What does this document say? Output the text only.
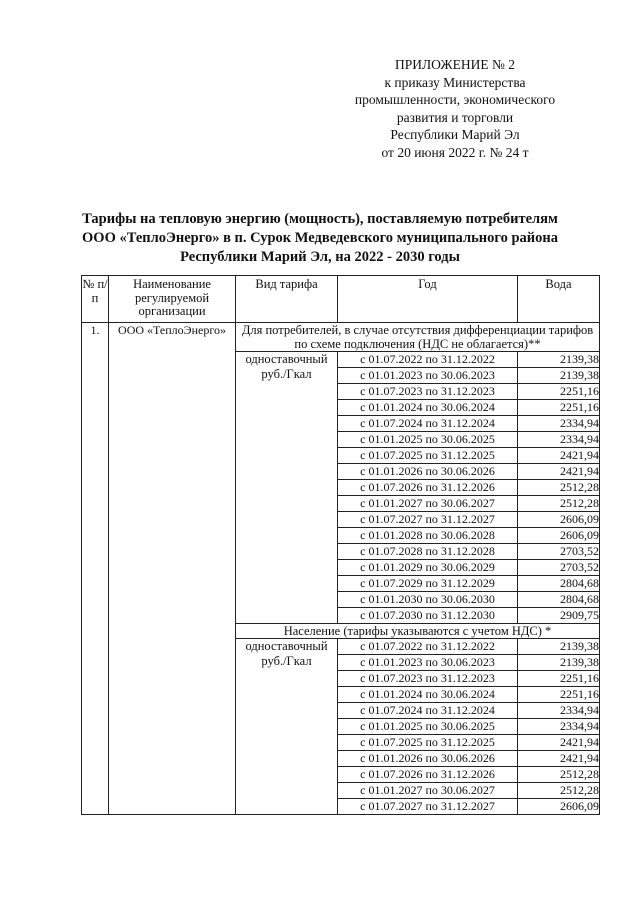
ПРИЛОЖЕНИЕ № 2
к приказу Министерства
промышленности, экономического
развития и торговли
Республики Марий Эл
от 20 июня 2022 г. № 24 т
Тарифы на тепловую энергию (мощность), поставляемую потребителям
ООО «ТеплоЭнерго» в п. Сурок Медведевского муниципального района
Республики Марий Эл, на 2022 - 2030 годы
№ п/п	Наименование регулируемой организации	Вид тарифа	Год	Вода
1.	ООО «ТеплоЭнерго»	Для потребителей, в случае отсутствия дифференциации тарифов по схеме подключения (НДС не облагается)**		
		одноставочный руб./Гкал	с 01.07.2022 по 31.12.2022	2139,38
			с 01.01.2023 по 30.06.2023	2139,38
			с 01.07.2023 по 31.12.2023	2251,16
			с 01.01.2024 по 30.06.2024	2251,16
			с 01.07.2024 по 31.12.2024	2334,94
			с 01.01.2025 по 30.06.2025	2334,94
			с 01.07.2025 по 31.12.2025	2421,94
			с 01.01.2026 по 30.06.2026	2421,94
			с 01.07.2026 по 31.12.2026	2512,28
			с 01.01.2027 по 30.06.2027	2512,28
			с 01.07.2027 по 31.12.2027	2606,09
			с 01.01.2028 по 30.06.2028	2606,09
			с 01.07.2028 по 31.12.2028	2703,52
			с 01.01.2029 по 30.06.2029	2703,52
			с 01.07.2029 по 31.12.2029	2804,68
			с 01.01.2030 по 30.06.2030	2804,68
			с 01.07.2030 по 31.12.2030	2909,75
		Население (тарифы указываются с учетом НДС) *		
		одноставочный руб./Гкал	с 01.07.2022 по 31.12.2022	2139,38
			с 01.01.2023 по 30.06.2023	2139,38
			с 01.07.2023 по 31.12.2023	2251,16
			с 01.01.2024 по 30.06.2024	2251,16
			с 01.07.2024 по 31.12.2024	2334,94
			с 01.01.2025 по 30.06.2025	2334,94
			с 01.07.2025 по 31.12.2025	2421,94
			с 01.01.2026 по 30.06.2026	2421,94
			с 01.07.2026 по 31.12.2026	2512,28
			с 01.01.2027 по 30.06.2027	2512,28
			с 01.07.2027 по 31.12.2027	2606,09
